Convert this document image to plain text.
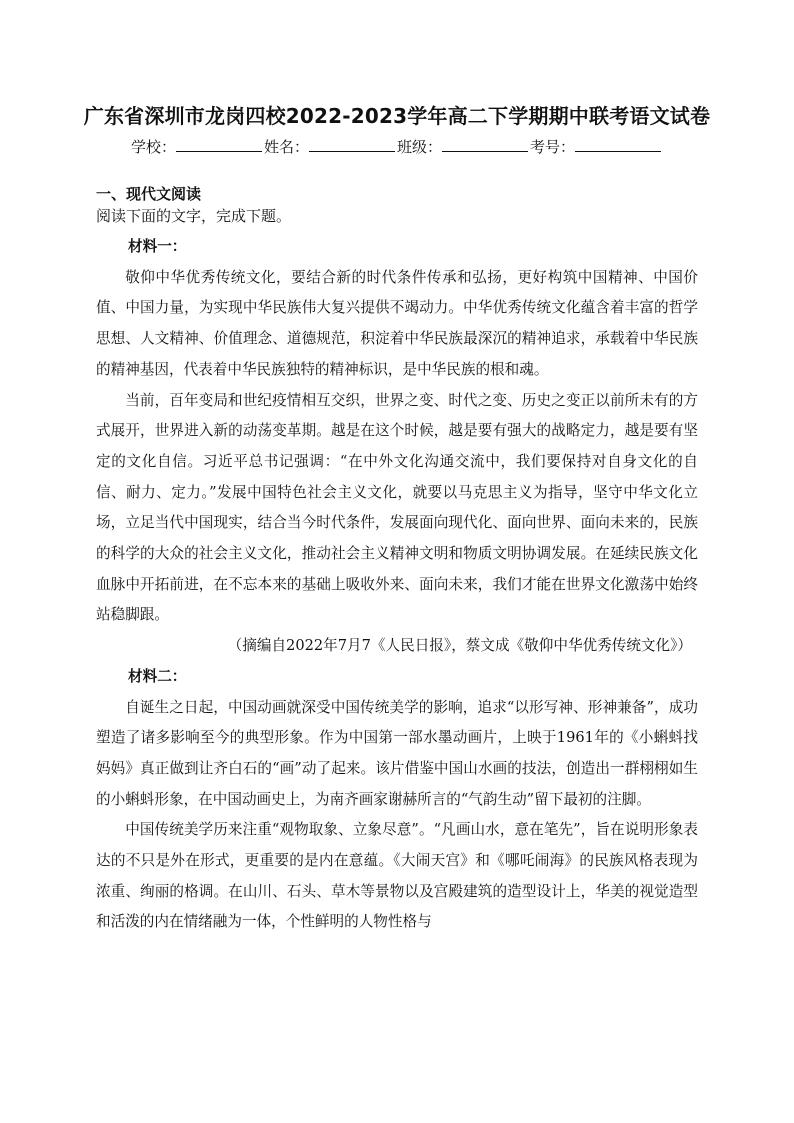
广东省深圳市龙岗四校2022-2023学年高二下学期期中联考语文试卷
学校：	姓名：	班级：	考号：
一、现代文阅读
阅读下面的文字，完成下题。
材料一：

敬仰中华优秀传统文化，要结合新的时代条件传承和弘扬，更好构筑中国精神、中国价值、中国力量，为实现中华民族伟大复兴提供不竭动力。中华优秀传统文化蕴含着丰富的哲学思想、人文精神、价值理念、道德规范，积淀着中华民族最深沉的精神追求，承载着中华民族的精神基因，代表着中华民族独特的精神标识，是中华民族的根和魂。

当前，百年变局和世纪疫情相互交织，世界之变、时代之变、历史之变正以前所未有的方式展开，世界进入新的动荡变革期。越是在这个时候，越是要有强大的战略定力，越是要有坚定的文化自信。习近平总书记强调：“在中外文化沟通交流中，我们要保持对自身文化的自信、耐力、定力。”发展中国特色社会主义文化，就要以马克思主义为指导，坚守中华文化立场，立足当代中国现实，结合当今时代条件，发展面向现代化、面向世界、面向未来的，民族的科学的大众的社会主义文化，推动社会主义精神文明和物质文明协调发展。在延续民族文化血脉中开拓前进，在不忘本来的基础上吸收外来、面向未来，我们才能在世界文化激荡中始终站稳脚跟。

（摘编自2022年7月7《人民日报》，蔡文成《敬仰中华优秀传统文化》）
材料二：

自诞生之日起，中国动画就深受中国传统美学的影响，追求“以形写神、形神兼备”，成功塑造了诸多影响至今的典型形象。作为中国第一部水墨动画片，上映于1961年的《小蝌蚪找妈妈》真正做到让齐白石的“画”动了起来。该片借鉴中国山水画的技法，创造出一群栩栩如生的小蝌蚪形象，在中国动画史上，为南齐画家谢赫所言的“气韵生动”留下最初的注脚。

中国传统美学历来注重“观物取象、立象尽意”。“凡画山水，意在笔先”，旨在说明形象表达的不只是外在形式，更重要的是内在意蕴。《大闹天宫》和《哪吒闹海》的民族风格表现为浓重、绚丽的格调。在山川、石头、草木等景物以及宫殿建筑的造型设计上，华美的视觉造型和活泼的内在情绪融为一体，个性鲜明的人物性格与
